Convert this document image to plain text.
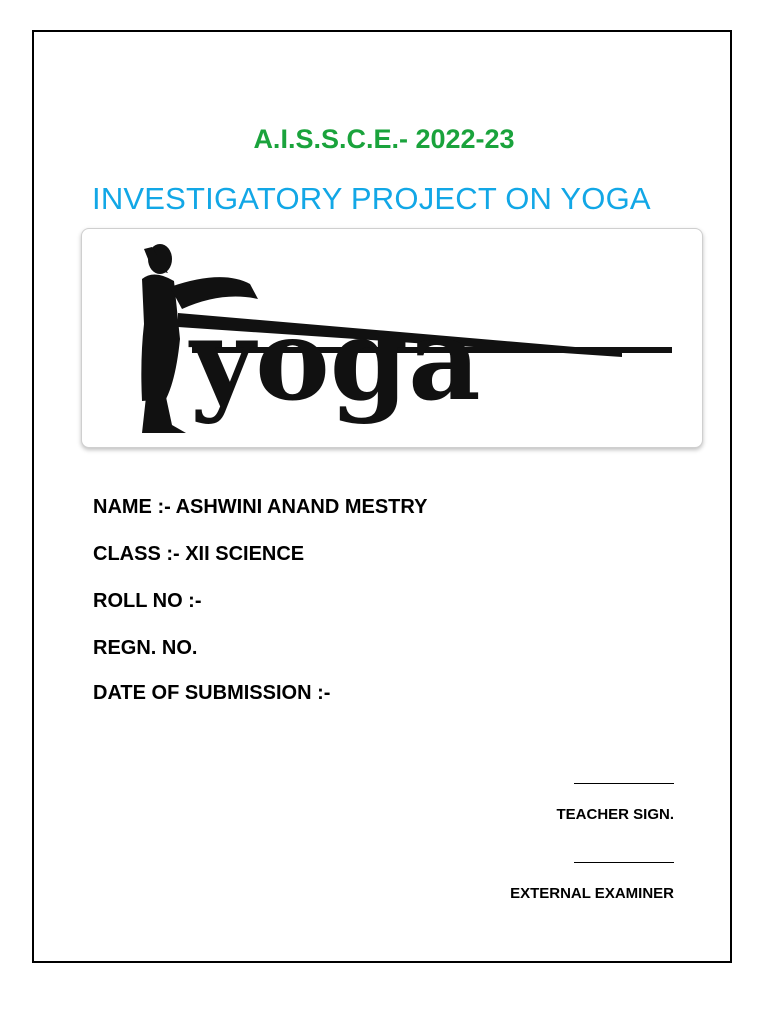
A.I.S.S.C.E.- 2022-23
INVESTIGATORY PROJECT ON YOGA
yoga
NAME :- ASHWINI ANAND MESTRY
CLASS :- XII SCIENCE
ROLL NO :-
REGN. NO.
DATE OF SUBMISSION :-
TEACHER SIGN.
EXTERNAL EXAMINER
